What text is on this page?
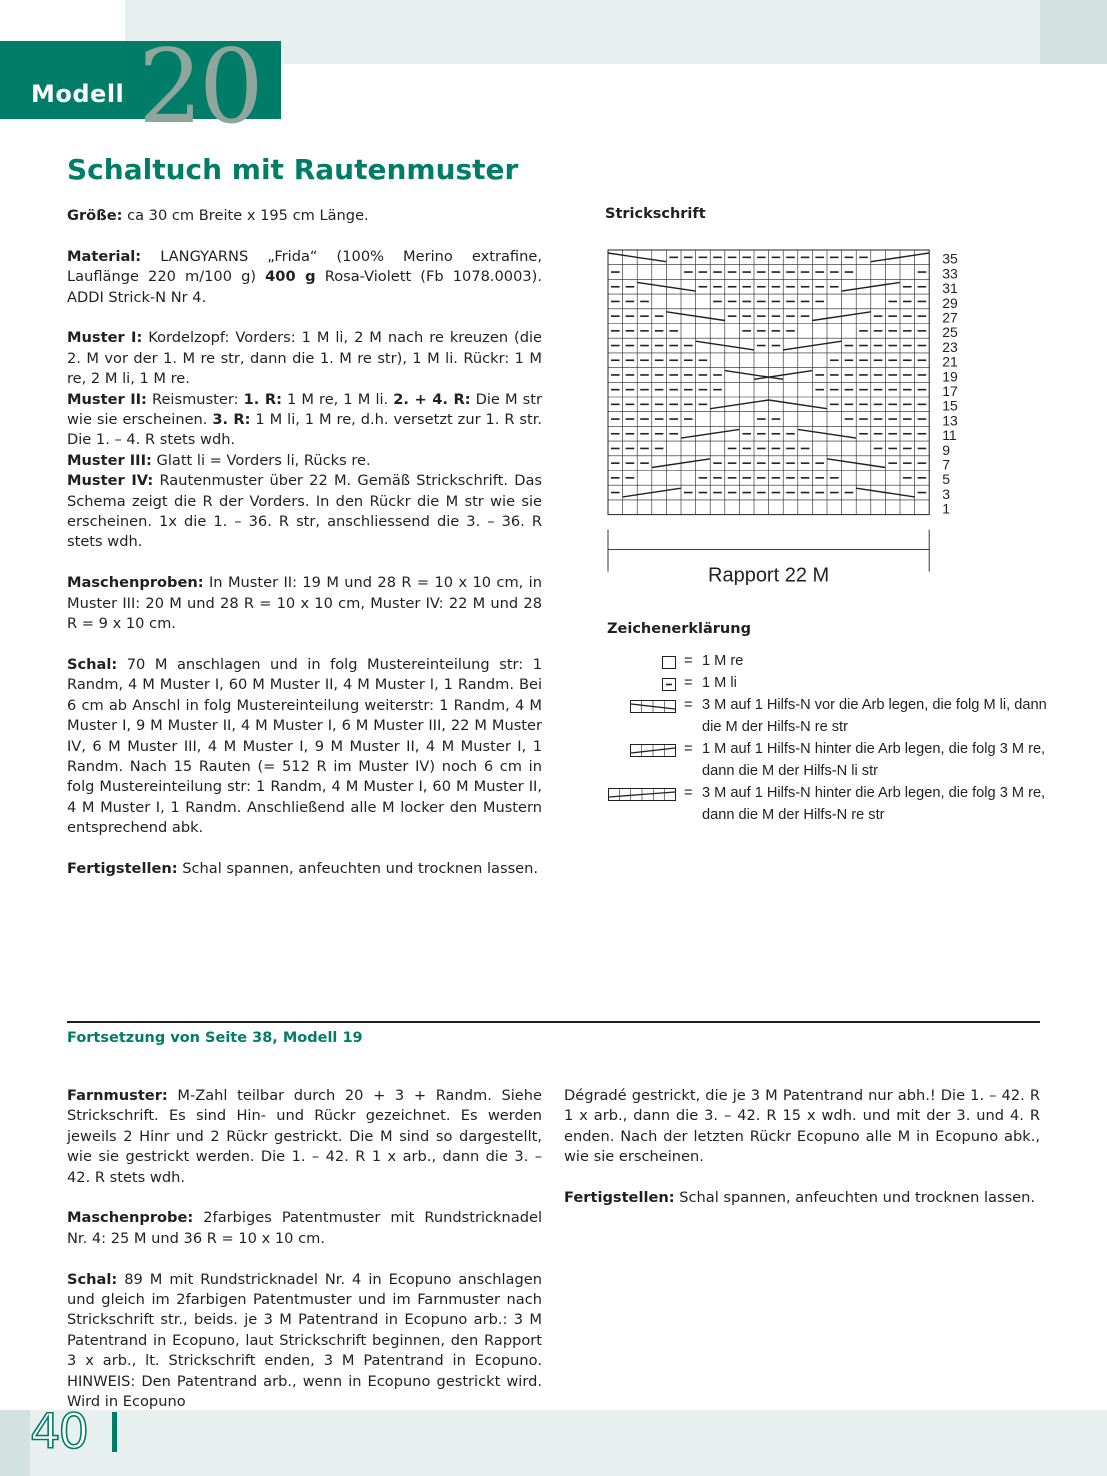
Modell 20
Schaltuch mit Rautenmuster

Größe: ca 30 cm Breite x 195 cm Länge.

Material: LANGYARNS „Frida“ (100% Merino extrafine, Lauflänge 220 m/100 g) 400 g Rosa-Violett (Fb 1078.0003). ADDI Strick-N Nr 4.

Muster I: Kordelzopf: Vorders: 1 M li, 2 M nach re kreuzen (die 2. M vor der 1. M re str, dann die 1. M re str), 1 M li. Rückr: 1 M re, 2 M li, 1 M re.

Muster II: Reismuster: 1. R: 1 M re, 1 M li. 2. + 4. R: Die M str wie sie erscheinen. 3. R: 1 M li, 1 M re, d.h. versetzt zur 1. R str. Die 1. – 4. R stets wdh.

Muster III: Glatt li = Vorders li, Rücks re.

Muster IV: Rautenmuster über 22 M. Gemäß Strickschrift. Das Schema zeigt die R der Vorders. In den Rückr die M str wie sie erscheinen. 1x die 1. – 36. R str, anschliessend die 3. – 36. R stets wdh.

Maschenproben: In Muster II: 19 M und 28 R = 10 x 10 cm, in Muster III: 20 M und 28 R = 10 x 10 cm, Muster IV: 22 M und 28 R = 9 x 10 cm.

Schal: 70 M anschlagen und in folg Mustereinteilung str: 1 Randm, 4 M Muster I, 60 M Muster II, 4 M Muster I, 1 Randm. Bei 6 cm ab Anschl in folg Mustereinteilung weiterstr: 1 Randm, 4 M Muster I, 9 M Muster II, 4 M Muster I, 6 M Muster III, 22 M Muster IV, 6 M Muster III, 4 M Muster I, 9 M Muster II, 4 M Muster I, 1 Randm. Nach 15 Rauten (= 512 R im Muster IV) noch 6 cm in folg Mustereinteilung str: 1 Randm, 4 M Muster I, 60 M Muster II, 4 M Muster I, 1 Randm. Anschließend alle M locker den Mustern entsprechend abk.

Fertigstellen: Schal spannen, anfeuchten und trocknen lassen.

Strickschrift
35
33
31
29
27
25
23
21
19
17
15
13
11
9
7
5
3
1
Rapport 22 M
Zeichenerklärung
= 1 M re
= 1 M li
= 3 M auf 1 Hilfs-N vor die Arb legen, die folg M li, dann die M der Hilfs-N re str
= 1 M auf 1 Hilfs-N hinter die Arb legen, die folg 3 M re, dann die M der Hilfs-N li str
= 3 M auf 1 Hilfs-N hinter die Arb legen, die folg 3 M re, dann die M der Hilfs-N re str
Fortsetzung von Seite 38, Modell 19

Farnmuster: M-Zahl teilbar durch 20 + 3 + Randm. Siehe Strickschrift. Es sind Hin- und Rückr gezeichnet. Es werden jeweils 2 Hinr und 2 Rückr gestrickt. Die M sind so dargestellt, wie sie gestrickt werden. Die 1. – 42. R 1 x arb., dann die 3. – 42. R stets wdh.

Maschenprobe: 2farbiges Patentmuster mit Rundstricknadel Nr. 4: 25 M und 36 R = 10 x 10 cm.

Schal: 89 M mit Rundstricknadel Nr. 4 in Ecopuno anschlagen und gleich im 2farbigen Patentmuster und im Farnmuster nach Strickschrift str., beids. je 3 M Patentrand in Ecopuno arb.: 3 M Patentrand in Ecopuno, laut Strickschrift beginnen, den Rapport 3 x arb., lt. Strickschrift enden, 3 M Patentrand in Ecopuno. HINWEIS: Den Patentrand arb., wenn in Ecopuno gestrickt wird. Wird in Ecopuno

Dégradé gestrickt, die je 3 M Patentrand nur abh.! Die 1. – 42. R 1 x arb., dann die 3. – 42. R 15 x wdh. und mit der 3. und 4. R enden. Nach der letzten Rückr Ecopuno alle M in Ecopuno abk., wie sie erscheinen.

Fertigstellen: Schal spannen, anfeuchten und trocknen lassen.

40
